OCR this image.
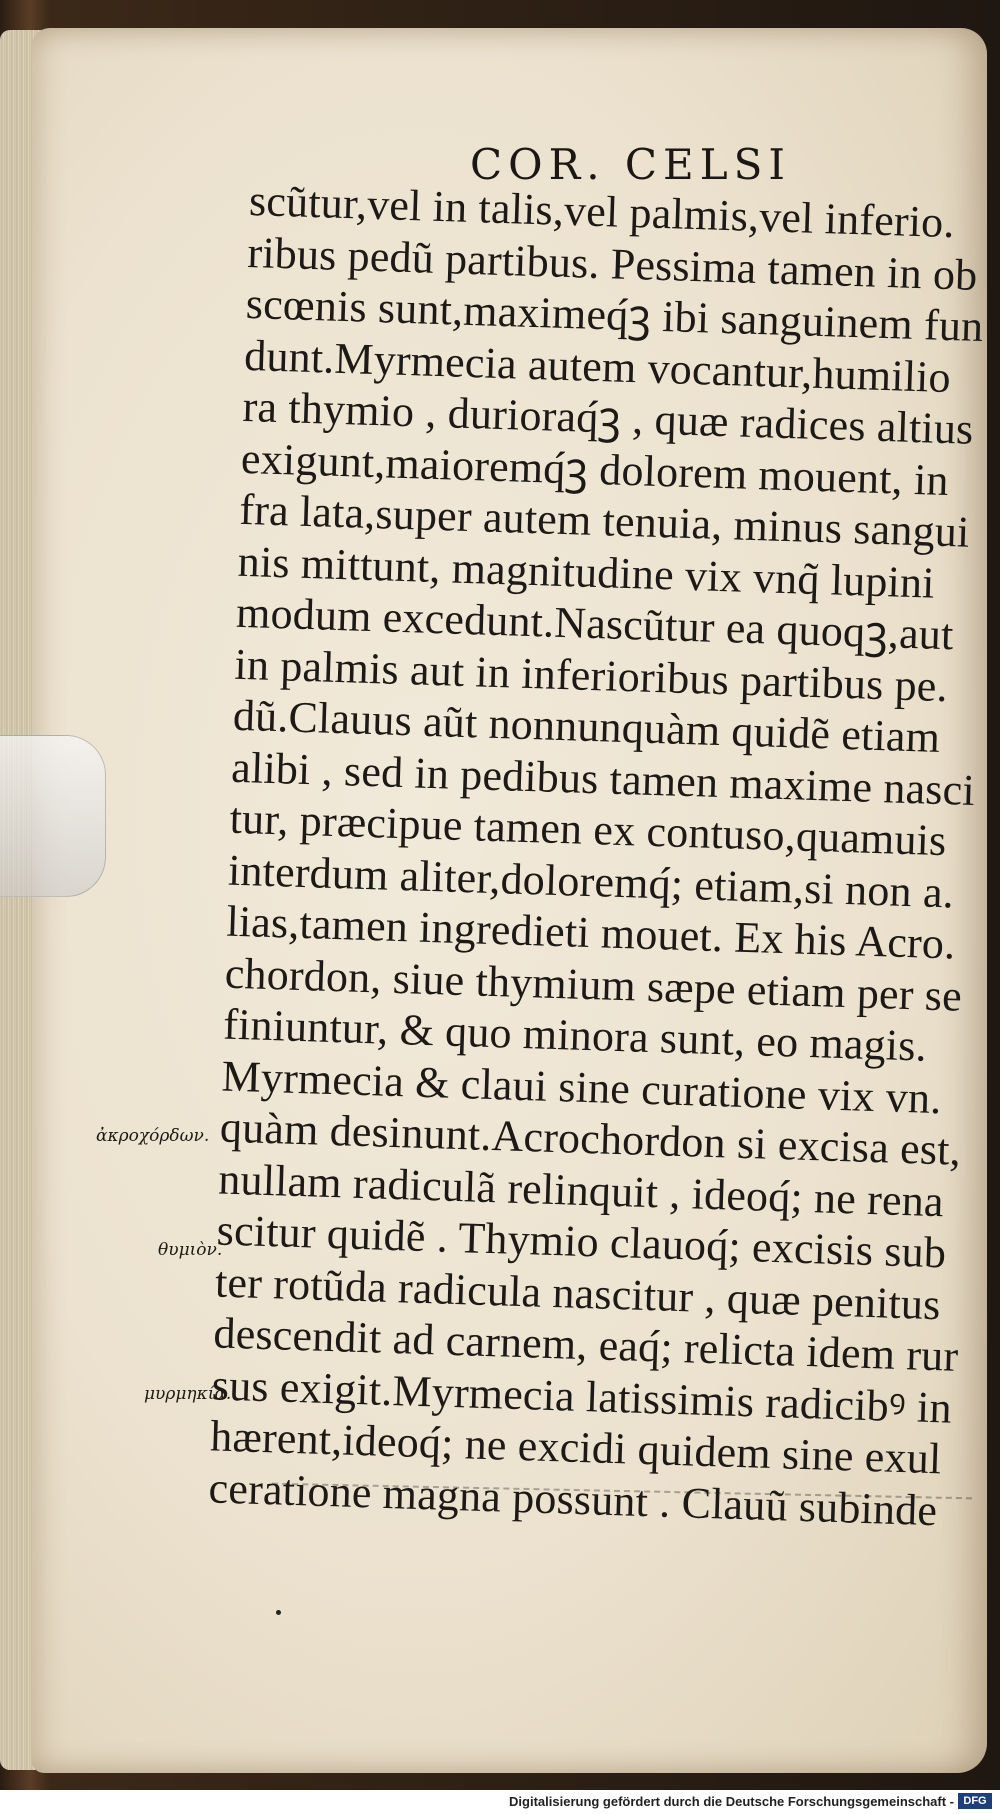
COR. CELSI
scũtur,vel in talis,vel palmis,vel inferio.
ribus pedũ partibus. Pessima tamen in ob
scœnis sunt,maximeq́ꝫ ibi sanguinem fun
dunt.Myrmecia autem vocantur,humilio
ra thymio , durioraq́ꝫ , quæ radices altius
exigunt,maioremq́ꝫ dolorem mouent, in
fra lata,super autem tenuia, minus sangui
nis mittunt, magnitudine vix vnq̃ lupini
modum excedunt.Nascũtur ea quoqꝫ,aut
in palmis aut in inferioribus partibus pe.
dũ.Clauus aũt nonnunquàm quidẽ etiam
alibi , sed in pedibus tamen maxime nasci
tur, præcipue tamen ex contuso,quamuis
interdum aliter,doloremq́; etiam,si non a.
lias,tamen ingredieti mouet. Ex his Acro.
chordon, siue thymium sæpe etiam per se
finiuntur, & quo minora sunt, eo magis.
Myrmecia & claui sine curatione vix vn.
quàm desinunt.Acrochordon si excisa est,
nullam radiculã relinquit , ideoq́; ne rena
scitur quidẽ . Thymio clauoq́; excisis sub
ter rotũda radicula nascitur , quæ penitus
descendit ad carnem, eaq́; relicta idem rur
sus exigit.Myrmecia latissimis radicibꝰ in
hærent,ideoq́; ne excidi quidem sine exul
ceratione magna possunt . Clauũ subinde
ἀκροχόρδων.
θυμιὸν.
μυρμηκία.
Digitalisierung gefördert durch die Deutsche Forschungsgemeinschaft - DFG
